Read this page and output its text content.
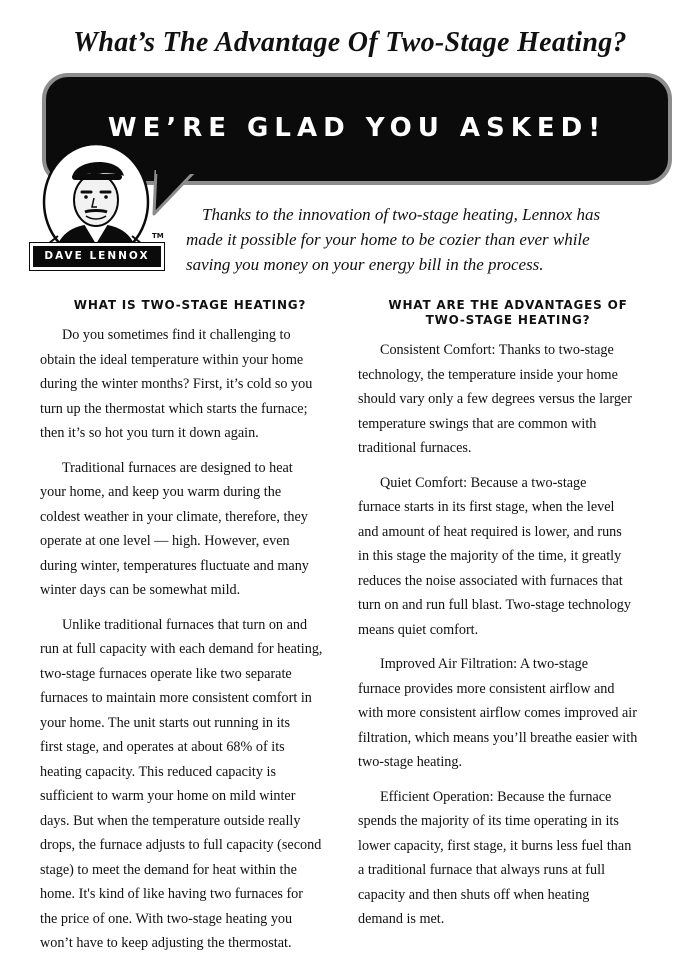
What’s The Advantage Of Two-Stage Heating?
WE’RE GLAD YOU ASKED!
DAVE LENNOX
TM

Thanks to the innovation of two-stage heating, Lennox has
made it possible for your home to be cozier than ever while
saving you money on your energy bill in the process.

WHAT IS TWO-STAGE HEATING?

Do you sometimes find it challenging to
obtain the ideal temperature within your home
during the winter months? First, it’s cold so you
turn up the thermostat which starts the furnace;
then it’s so hot you turn it down again.

Traditional furnaces are designed to heat
your home, and keep you warm during the
coldest weather in your climate, therefore, they
operate at one level — high. However, even
during winter, temperatures fluctuate and many
winter days can be somewhat mild.

Unlike traditional furnaces that turn on and
run at full capacity with each demand for heating,
two-stage furnaces operate like two separate
furnaces to maintain more consistent comfort in
your home. The unit starts out running in its
first stage, and operates at about 68% of its
heating capacity. This reduced capacity is
sufficient to warm your home on mild winter
days. But when the temperature outside really
drops, the furnace adjusts to full capacity (second
stage) to meet the demand for heat within the
home. It's kind of like having two furnaces for
the price of one. With two-stage heating you
won’t have to keep adjusting the thermostat.

WHAT ARE THE ADVANTAGES OF
TWO-STAGE HEATING?

Consistent Comfort: Thanks to two-stage
technology, the temperature inside your home
should vary only a few degrees versus the larger
temperature swings that are common with
traditional furnaces.

Quiet Comfort: Because a two-stage
furnace starts in its first stage, when the level
and amount of heat required is lower, and runs
in this stage the majority of the time, it greatly
reduces the noise associated with furnaces that
turn on and run full blast. Two-stage technology
means quiet comfort.

Improved Air Filtration: A two-stage
furnace provides more consistent airflow and
with more consistent airflow comes improved air
filtration, which means you’ll breathe easier with
two-stage heating.

Efficient Operation: Because the furnace
spends the majority of its time operating in its
lower capacity, first stage, it burns less fuel than
a traditional furnace that always runs at full
capacity and then shuts off when heating
demand is met.
